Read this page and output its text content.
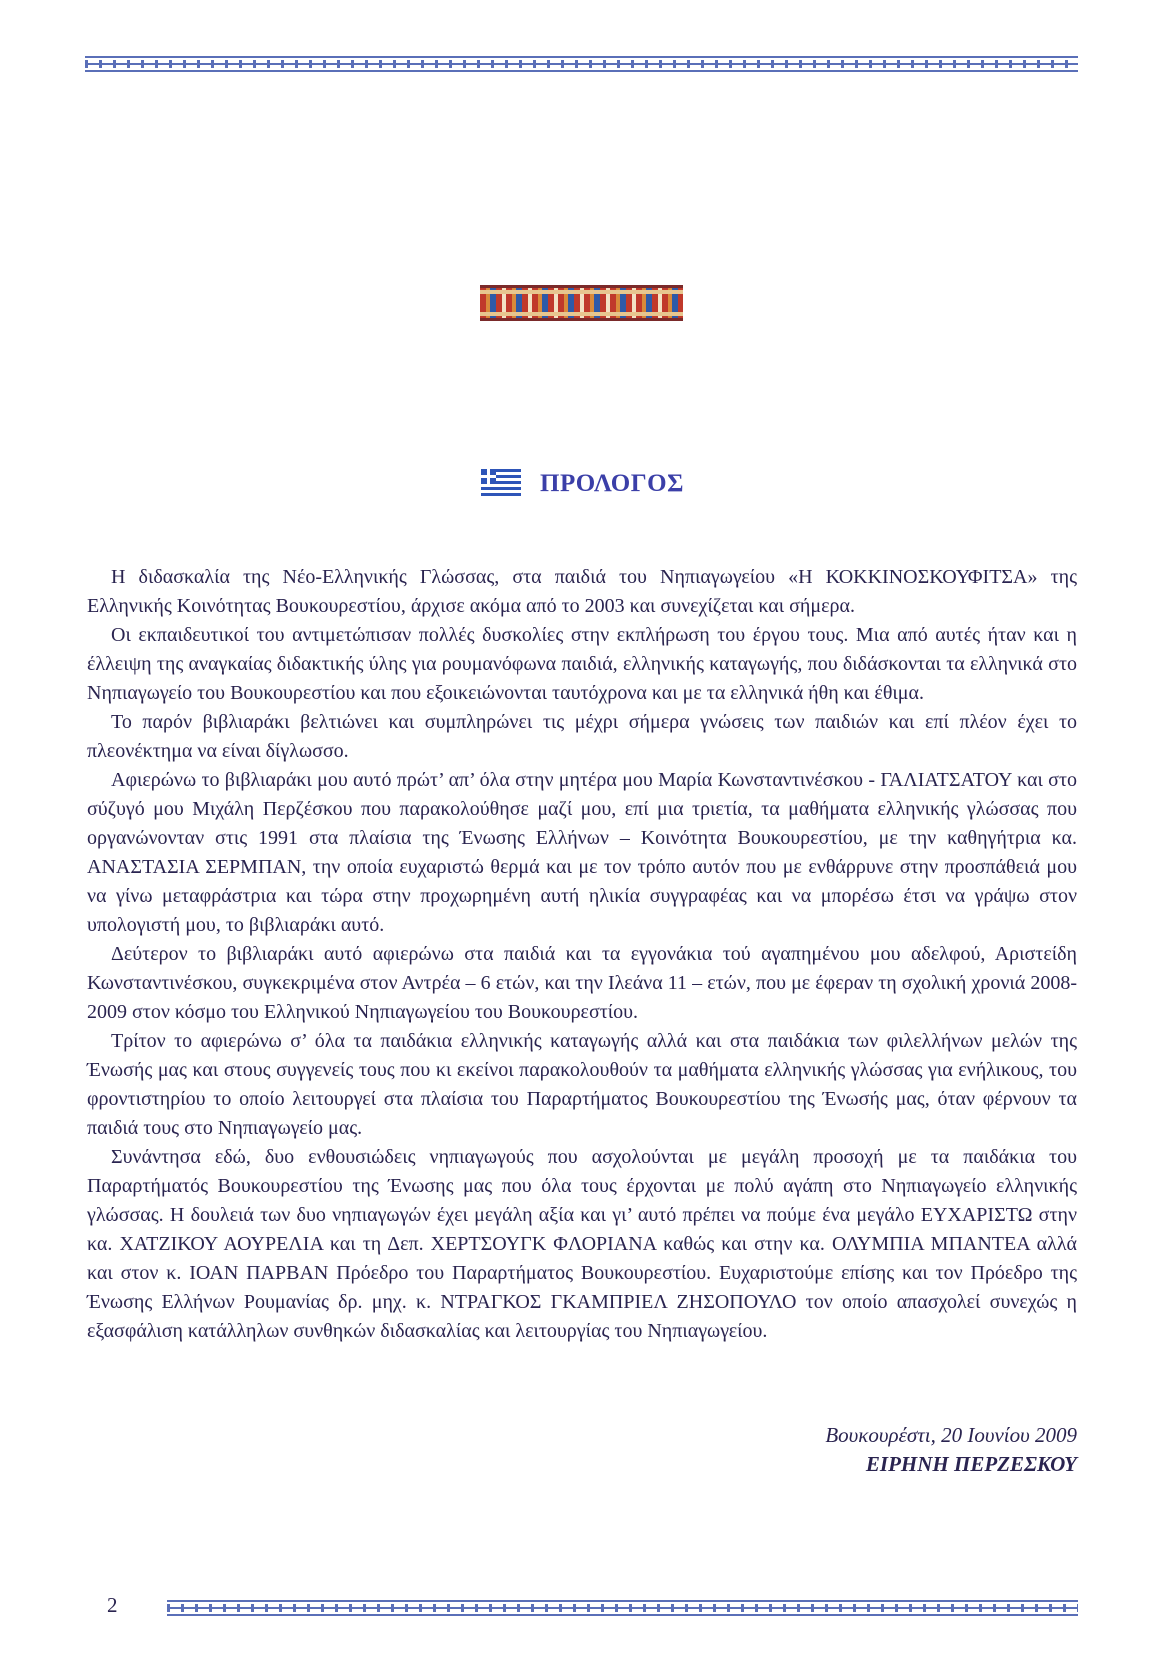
ΠΡΟΛΟΓΟΣ

Η διδασκαλία της Νέο-Ελληνικής Γλώσσας, στα παιδιά του Νηπιαγωγείου «Η ΚΟΚΚΙΝΟΣΚΟΥΦΙΤΣΑ» της Ελληνικής Κοινότητας Βουκουρεστίου, άρχισε ακόμα από το 2003 και συνεχίζεται και σήμερα.

Οι εκπαιδευτικοί του αντιμετώπισαν πολλές δυσκολίες στην εκπλήρωση του έργου τους. Μια από αυτές ήταν και η έλλειψη της αναγκαίας διδακτικής ύλης για ρουμανόφωνα παιδιά, ελληνικής καταγωγής, που διδάσκονται τα ελληνικά στο Νηπιαγωγείο του Βουκουρεστίου και που εξοικειώνονται ταυτόχρονα και με τα ελληνικά ήθη και έθιμα.

Το παρόν βιβλιαράκι βελτιώνει και συμπληρώνει τις μέχρι σήμερα γνώσεις των παιδιών και επί πλέον έχει το πλεονέκτημα να είναι δίγλωσσο.

Αφιερώνω το βιβλιαράκι μου αυτό πρώτ’ απ’ όλα στην μητέρα μου Μαρία Κωνσταντινέσκου - ΓΑΛΙΑΤΣΑΤΟΥ και στο σύζυγό μου Μιχάλη Περζέσκου που παρακολούθησε μαζί μου, επί μια τριετία, τα μαθήματα ελληνικής γλώσσας που οργανώνονταν στις 1991 στα πλαίσια της Ένωσης Ελλήνων – Κοινότητα Βουκουρεστίου, με την καθηγήτρια κα. ΑΝΑΣΤΑΣΙΑ ΣΕΡΜΠΑΝ, την οποία ευχαριστώ θερμά και με τον τρόπο αυτόν που με ενθάρρυνε στην προσπάθειά μου να γίνω μεταφράστρια και τώρα στην προχωρημένη αυτή ηλικία συγγραφέας και να μπορέσω έτσι να γράψω στον υπολογιστή μου, το βιβλιαράκι αυτό.

Δεύτερον το βιβλιαράκι αυτό αφιερώνω στα παιδιά και τα εγγονάκια τού αγαπημένου μου αδελφού, Αριστείδη Κωνσταντινέσκου, συγκεκριμένα στον Αντρέα – 6 ετών, και την Ιλεάνα 11 – ετών, που με έφεραν τη σχολική χρονιά 2008-2009 στον κόσμο του Ελληνικού Νηπιαγωγείου του Βουκουρεστίου.

Τρίτον το αφιερώνω σ’ όλα τα παιδάκια ελληνικής καταγωγής αλλά και στα παιδάκια των φιλελλήνων μελών της Ένωσής μας και στους συγγενείς τους που κι εκείνοι παρακολουθούν τα μαθήματα ελληνικής γλώσσας για ενήλικους, του φροντιστηρίου το οποίο λειτουργεί στα πλαίσια του Παραρτήματος Βουκουρεστίου της Ένωσής μας, όταν φέρνουν τα παιδιά τους στο Νηπιαγωγείο μας.

Συνάντησα εδώ, δυο ενθουσιώδεις νηπιαγωγούς που ασχολούνται με μεγάλη προσοχή με τα παιδάκια του Παραρτήματός Βουκουρεστίου της Ένωσης μας που όλα τους έρχονται με πολύ αγάπη στο Νηπιαγωγείο ελληνικής γλώσσας. Η δουλειά των δυο νηπιαγωγών έχει μεγάλη αξία και γι’ αυτό πρέπει να πούμε ένα μεγάλο ΕΥΧΑΡΙΣΤΩ στην κα. ΧΑΤΖΙΚΟΥ ΑΟΥΡΕΛΙΑ και τη Δεπ. ΧΕΡΤΣΟΥΓΚ ΦΛΟΡΙΑΝΑ καθώς και στην κα. ΟΛΥΜΠΙΑ ΜΠΑΝΤΕΑ αλλά και στον κ. ΙΟΑΝ ΠΑΡΒΑΝ Πρόεδρο του Παραρτήματος Βουκουρεστίου. Ευχαριστούμε επίσης και τον Πρόεδρο της Ένωσης Ελλήνων Ρουμανίας δρ. μηχ. κ. ΝΤΡΑΓΚΟΣ ΓΚΑΜΠΡΙΕΛ ΖΗΣΟΠΟΥΛΟ τον οποίο απασχολεί συνεχώς η εξασφάλιση κατάλληλων συνθηκών διδασκαλίας και λειτουργίας του Νηπιαγωγείου.

Βουκουρέστι, 20 Ιουνίου 2009
ΕΙΡΗΝΗ ΠΕΡΖΕΣΚΟΥ
2
